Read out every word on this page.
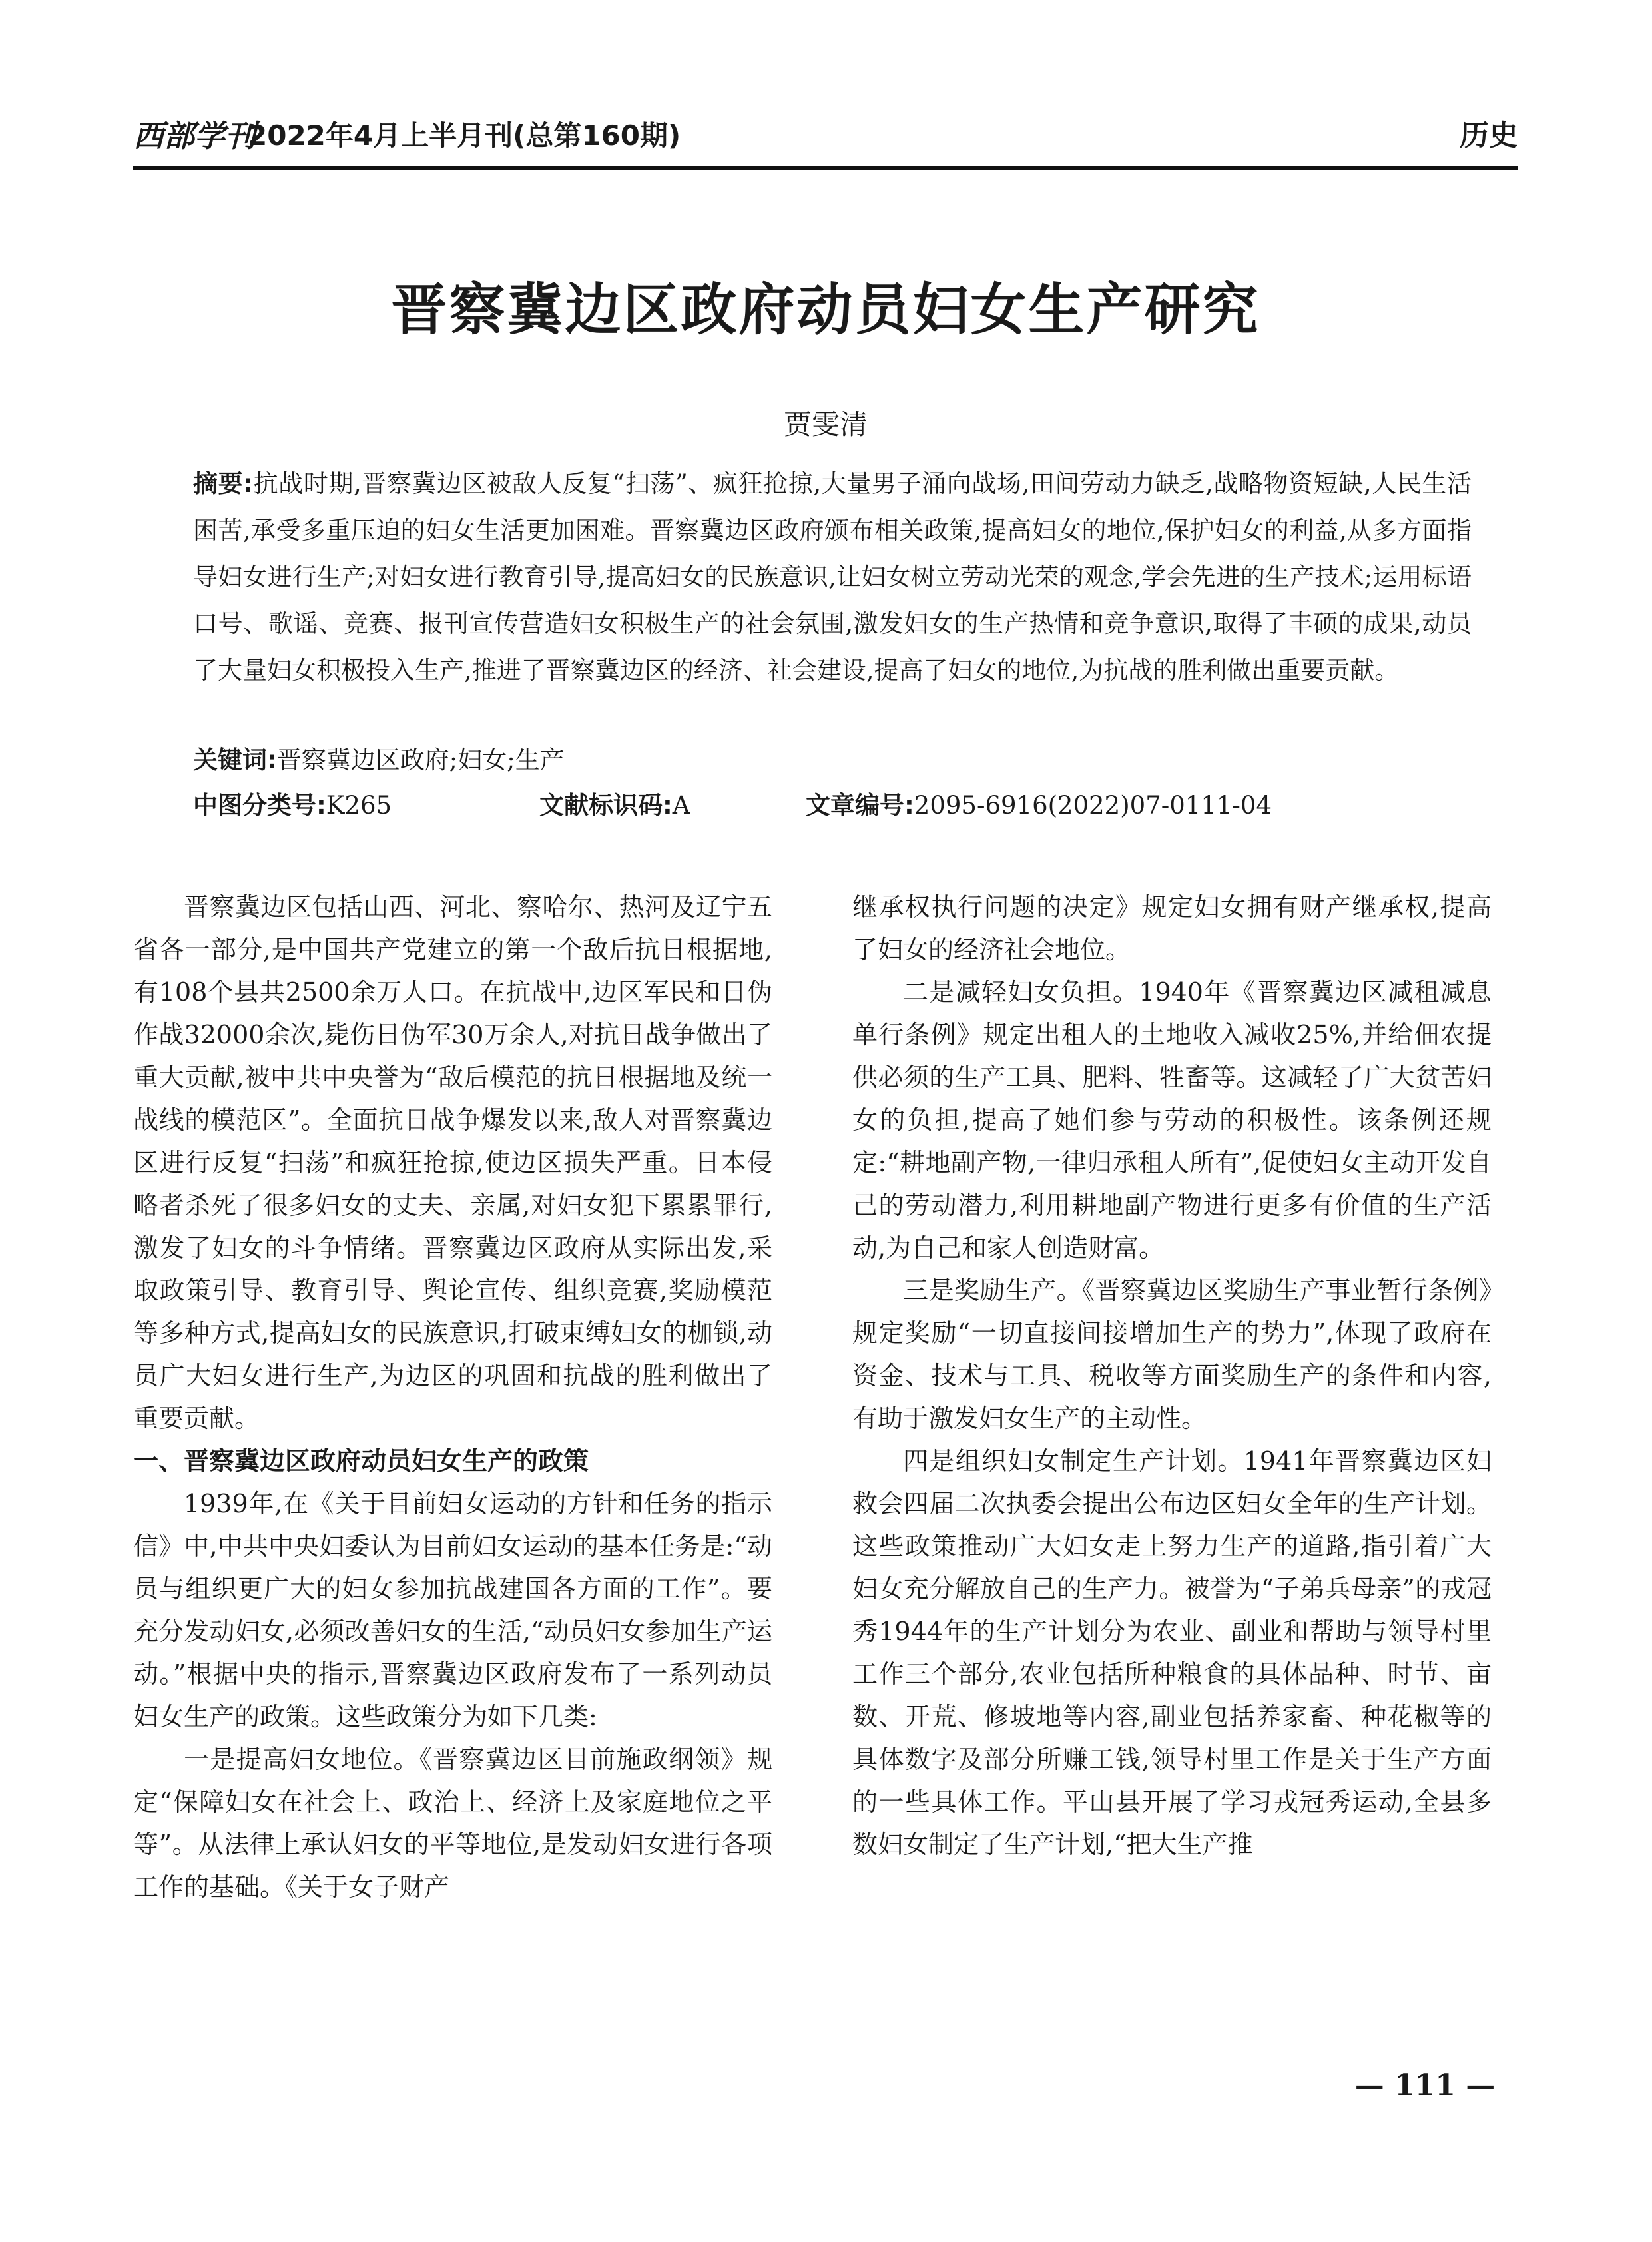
西部学刊
2022年4月上半月刊(总第160期)	历史
晋察冀边区政府动员妇女生产研究
贾雯清
摘要:抗战时期,晋察冀边区被敌人反复“扫荡”、疯狂抢掠,大量男子涌向战场,田间劳动力缺乏,战略物资短缺,人民生活困苦,承受多重压迫的妇女生活更加困难。晋察冀边区政府颁布相关政策,提高妇女的地位,保护妇女的利益,从多方面指导妇女进行生产;对妇女进行教育引导,提高妇女的民族意识,让妇女树立劳动光荣的观念,学会先进的生产技术;运用标语口号、歌谣、竞赛、报刊宣传营造妇女积极生产的社会氛围,激发妇女的生产热情和竞争意识,取得了丰硕的成果,动员了大量妇女积极投入生产,推进了晋察冀边区的经济、社会建设,提高了妇女的地位,为抗战的胜利做出重要贡献。
关键词:晋察冀边区政府;妇女;生产
中图分类号:K265	文献标识码:A	文章编号:2095-6916(2022)07-0111-04

晋察冀边区包括山西、河北、察哈尔、热河及辽宁五省各一部分,是中国共产党建立的第一个敌后抗日根据地,有108个县共2500余万人口。在抗战中,边区军民和日伪作战32000余次,毙伤日伪军30万余人,对抗日战争做出了重大贡献,被中共中央誉为“敌后模范的抗日根据地及统一战线的模范区”。全面抗日战争爆发以来,敌人对晋察冀边区进行反复“扫荡”和疯狂抢掠,使边区损失严重。日本侵略者杀死了很多妇女的丈夫、亲属,对妇女犯下累累罪行,激发了妇女的斗争情绪。晋察冀边区政府从实际出发,采取政策引导、教育引导、舆论宣传、组织竞赛,奖励模范等多种方式,提高妇女的民族意识,打破束缚妇女的枷锁,动员广大妇女进行生产,为边区的巩固和抗战的胜利做出了重要贡献。

一、晋察冀边区政府动员妇女生产的政策

1939年,在《关于目前妇女运动的方针和任务的指示信》中,中共中央妇委认为目前妇女运动的基本任务是:“动员与组织更广大的妇女参加抗战建国各方面的工作”。要充分发动妇女,必须改善妇女的生活,“动员妇女参加生产运动。”根据中央的指示,晋察冀边区政府发布了一系列动员妇女生产的政策。这些政策分为如下几类:

一是提高妇女地位。《晋察冀边区目前施政纲领》规定“保障妇女在社会上、政治上、经济上及家庭地位之平等”。从法律上承认妇女的平等地位,是发动妇女进行各项工作的基础。《关于女子财产

继承权执行问题的决定》规定妇女拥有财产继承权,提高了妇女的经济社会地位。

二是减轻妇女负担。1940年《晋察冀边区减租减息单行条例》规定出租人的土地收入减收25%,并给佃农提供必须的生产工具、肥料、牲畜等。这减轻了广大贫苦妇女的负担,提高了她们参与劳动的积极性。该条例还规定:“耕地副产物,一律归承租人所有”,促使妇女主动开发自己的劳动潜力,利用耕地副产物进行更多有价值的生产活动,为自己和家人创造财富。

三是奖励生产。《晋察冀边区奖励生产事业暂行条例》规定奖励“一切直接间接增加生产的势力”,体现了政府在资金、技术与工具、税收等方面奖励生产的条件和内容,有助于激发妇女生产的主动性。

四是组织妇女制定生产计划。1941年晋察冀边区妇救会四届二次执委会提出公布边区妇女全年的生产计划。这些政策推动广大妇女走上努力生产的道路,指引着广大妇女充分解放自己的生产力。被誉为“子弟兵母亲”的戎冠秀1944年的生产计划分为农业、副业和帮助与领导村里工作三个部分,农业包括所种粮食的具体品种、时节、亩数、开荒、修坡地等内容,副业包括养家畜、种花椒等的具体数字及部分所赚工钱,领导村里工作是关于生产方面的一些具体工作。平山县开展了学习戎冠秀运动,全县多数妇女制定了生产计划,“把大生产推

— 111 —
